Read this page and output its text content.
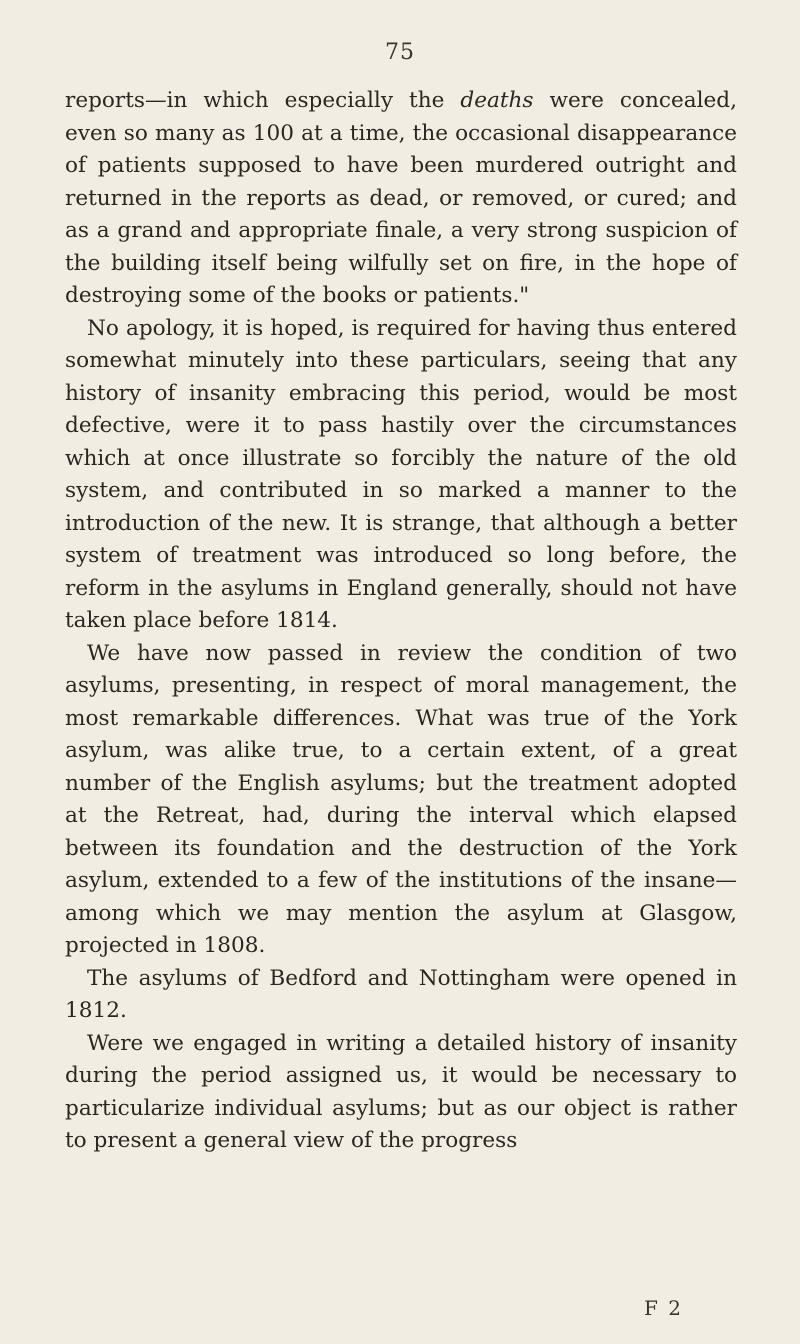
75

reports—in which especially the deaths were concealed, even so many as 100 at a time, the occasional disappearance of patients supposed to have been murdered outright and returned in the reports as dead, or removed, or cured; and as a grand and appropriate finale, a very strong suspicion of the building itself being wilfully set on fire, in the hope of destroying some of the books or patients."

No apology, it is hoped, is required for having thus entered somewhat minutely into these particulars, seeing that any history of insanity embracing this period, would be most defective, were it to pass hastily over the circumstances which at once illustrate so forcibly the nature of the old system, and contributed in so marked a manner to the introduction of the new. It is strange, that although a better system of treatment was introduced so long before, the reform in the asylums in England generally, should not have taken place before 1814.

We have now passed in review the condition of two asylums, presenting, in respect of moral management, the most remarkable differences. What was true of the York asylum, was alike true, to a certain extent, of a great number of the English asylums; but the treatment adopted at the Retreat, had, during the interval which elapsed between its foundation and the destruction of the York asylum, extended to a few of the institutions of the insane—among which we may mention the asylum at Glasgow, projected in 1808.

The asylums of Bedford and Nottingham were opened in 1812.

Were we engaged in writing a detailed history of insanity during the period assigned us, it would be necessary to particularize individual asylums; but as our object is rather to present a general view of the progress

F 2
